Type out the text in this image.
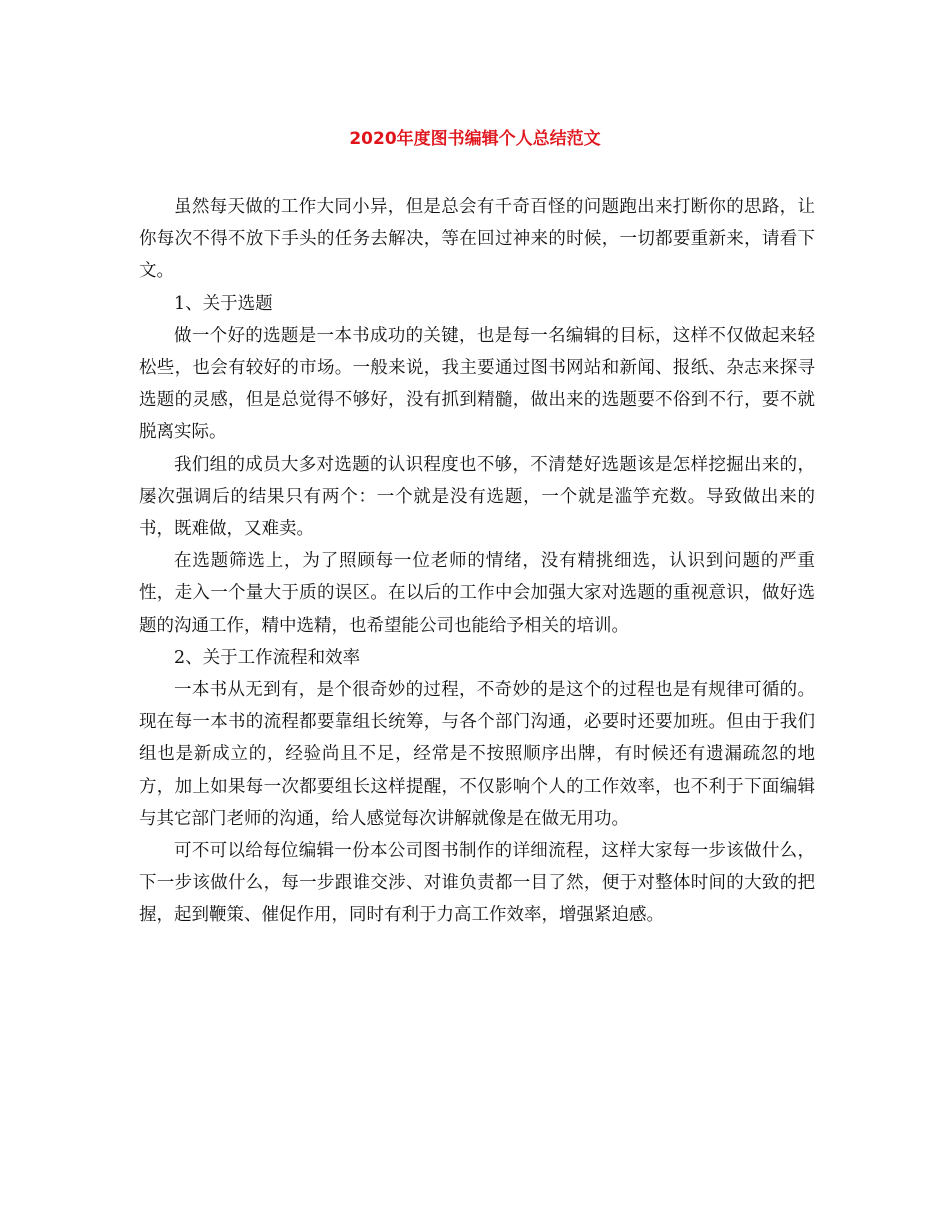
2020年度图书编辑个人总结范文

虽然每天做的工作大同小异，但是总会有千奇百怪的问题跑出来打断你的思路，让你每次不得不放下手头的任务去解决，等在回过神来的时候，一切都要重新来，请看下文。

1、关于选题

做一个好的选题是一本书成功的关键，也是每一名编辑的目标，这样不仅做起来轻松些，也会有较好的市场。一般来说，我主要通过图书网站和新闻、报纸、杂志来探寻选题的灵感，但是总觉得不够好，没有抓到精髓，做出来的选题要不俗到不行，要不就脱离实际。

我们组的成员大多对选题的认识程度也不够，不清楚好选题该是怎样挖掘出来的，屡次强调后的结果只有两个：一个就是没有选题，一个就是滥竽充数。导致做出来的书，既难做，又难卖。

在选题筛选上，为了照顾每一位老师的情绪，没有精挑细选，认识到问题的严重性，走入一个量大于质的误区。在以后的工作中会加强大家对选题的重视意识，做好选题的沟通工作，精中选精，也希望能公司也能给予相关的培训。

2、关于工作流程和效率

一本书从无到有，是个很奇妙的过程，不奇妙的是这个的过程也是有规律可循的。现在每一本书的流程都要靠组长统筹，与各个部门沟通，必要时还要加班。但由于我们组也是新成立的，经验尚且不足，经常是不按照顺序出牌，有时候还有遗漏疏忽的地方，加上如果每一次都要组长这样提醒，不仅影响个人的工作效率，也不利于下面编辑与其它部门老师的沟通，给人感觉每次讲解就像是在做无用功。

可不可以给每位编辑一份本公司图书制作的详细流程，这样大家每一步该做什么，下一步该做什么，每一步跟谁交涉、对谁负责都一目了然，便于对整体时间的大致的把握，起到鞭策、催促作用，同时有利于力高工作效率，增强紧迫感。
